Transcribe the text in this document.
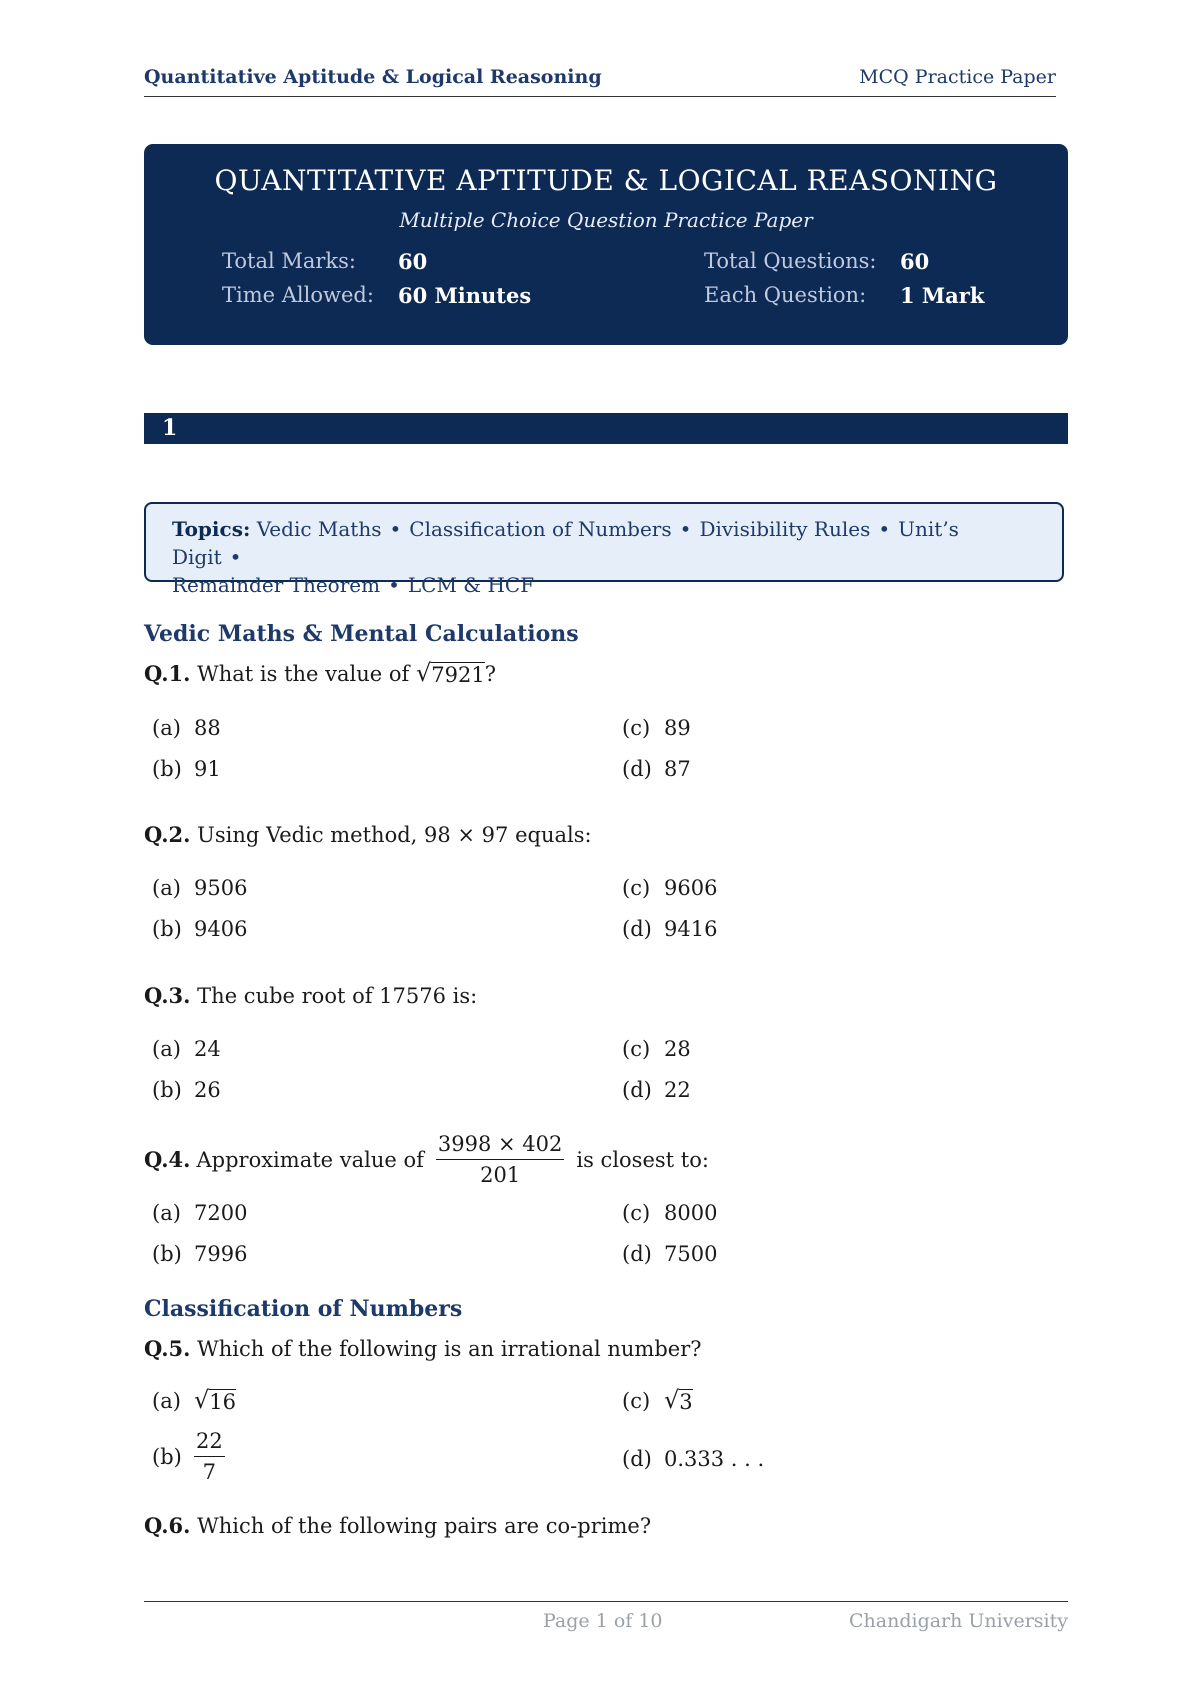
Quantitative Aptitude & Logical Reasoning	MCQ Practice Paper
QUANTITATIVE APTITUDE & LOGICAL REASONING
Multiple Choice Question Practice Paper
Total Marks:	60
Time Allowed:	60 Minutes
Total Questions:	60
Each Question:	1 Mark
1
Topics: Vedic Maths • Classification of Numbers • Divisibility Rules • Unit’s Digit •
Remainder Theorem • LCM & HCF
Vedic Maths & Mental Calculations
Q.1. What is the value of √ 7921 ?
(a) 88
(b) 91
(c) 89
(d) 87
Q.2. Using Vedic method, 98 × 97 equals:
(a) 9506
(b) 9406
(c) 9606
(d) 9416
Q.3. The cube root of 17576 is:
(a) 24
(b) 26
(c) 28
(d) 22
Q.4. Approximate value of $\frac{3998 \times 402}{201}$ is closest to:
(a) 7200
(b) 7996
(c) 8000
(d) 7500
Classification of Numbers
Q.5. Which of the following is an irrational number?
(a) √ 16
$(b) \frac{22}{7}$
(c) √ 3
(d) 0.333 . . .
Q.6. Which of the following pairs are co-prime?
Page 1 of 10	Chandigarh University
